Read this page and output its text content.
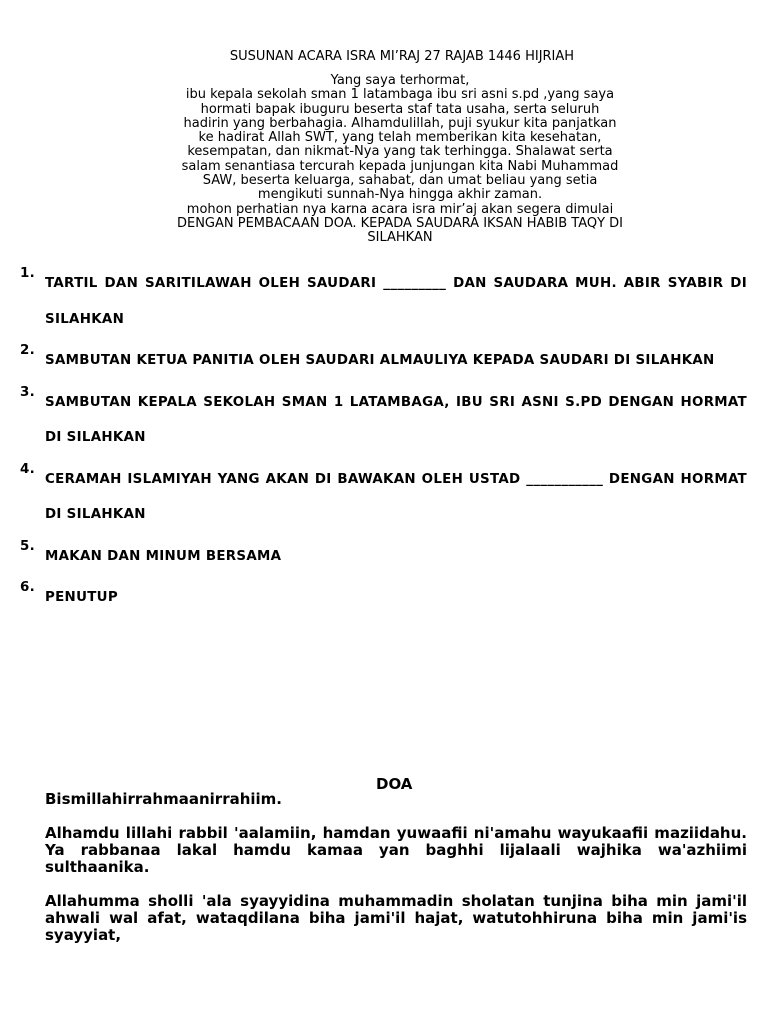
SUSUNAN ACARA ISRA MI’RAJ 27 RAJAB 1446 HIJRIAH
Yang saya terhormat,
ibu kepala sekolah sman 1 latambaga ibu sri asni s.pd ,yang saya
hormati bapak ibuguru beserta staf tata usaha, serta seluruh
hadirin yang berbahagia. Alhamdulillah, puji syukur kita panjatkan
ke hadirat Allah SWT, yang telah memberikan kita kesehatan,
kesempatan, dan nikmat-Nya yang tak terhingga. Shalawat serta
salam senantiasa tercurah kepada junjungan kita Nabi Muhammad
SAW, beserta keluarga, sahabat, dan umat beliau yang setia
mengikuti sunnah-Nya hingga akhir zaman.
mohon perhatian nya karna acara isra mir’aj akan segera dimulai
DENGAN PEMBACAAN DOA. KEPADA SAUDARA IKSAN HABIB TAQY DI
SILAHKAN
1.
TARTIL DAN SARITILAWAH OLEH SAUDARI _________ DAN SAUDARA MUH. ABIR SYABIR DI SILAHKAN
2.
SAMBUTAN KETUA PANITIA OLEH SAUDARI ALMAULIYA KEPADA SAUDARI DI SILAHKAN
3.
SAMBUTAN KEPALA SEKOLAH SMAN 1 LATAMBAGA, IBU SRI ASNI S.PD DENGAN HORMAT DI SILAHKAN
4.
CERAMAH ISLAMIYAH YANG AKAN DI BAWAKAN OLEH USTAD ___________ DENGAN HORMAT DI SILAHKAN
5.
MAKAN DAN MINUM BERSAMA
6.
PENUTUP
DOA

Bismillahirrahmaanirrahiim.

Alhamdu lillahi rabbil 'aalamiin, hamdan yuwaafii ni'amahu wayukaafii maziidahu. Ya rabbanaa lakal hamdu kamaa yan baghhi lijalaali wajhika wa'azhiimi sulthaanika.

Allahumma sholli 'ala syayyidina muhammadin sholatan tunjina biha min jami'il ahwali wal afat, wataqdilana biha jami'il hajat, watutohhiruna biha min jami'is syayyiat,
